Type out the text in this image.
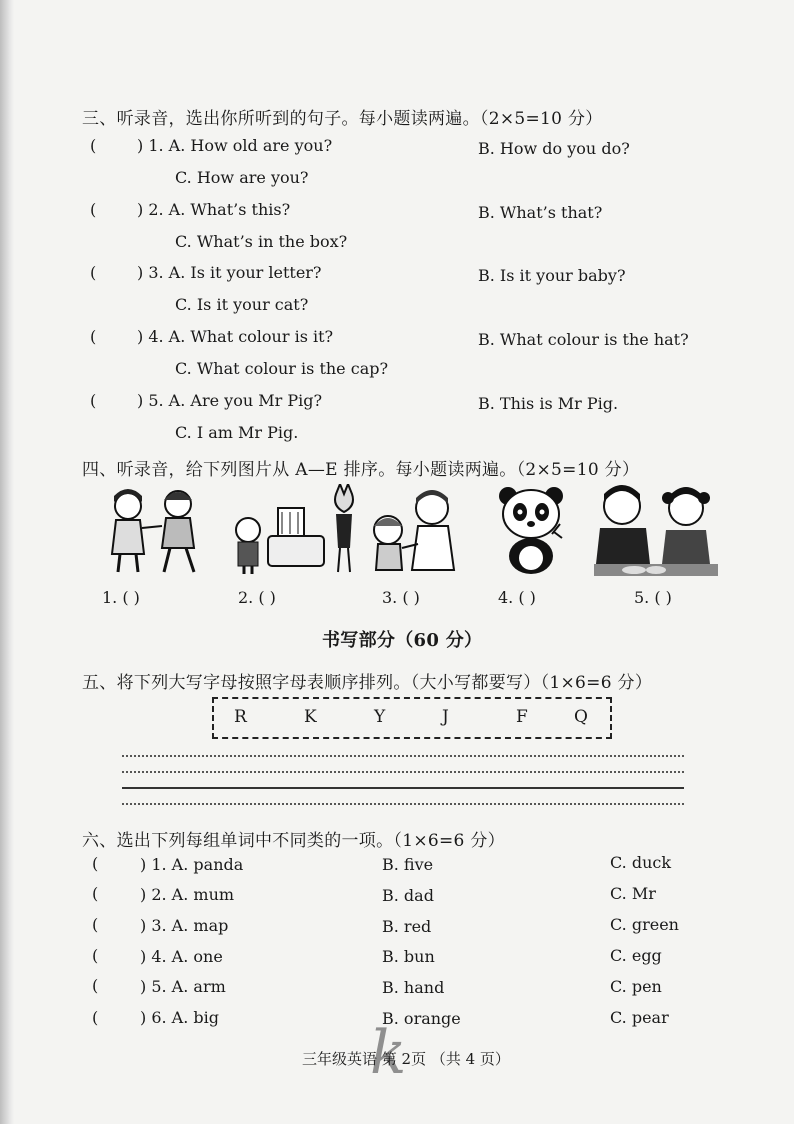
三、听录音，选出你所听到的句子。每小题读两遍。（2×5=10 分）
(	) 1. A. How old are you?	B. How do you do?
C. How are you?
(	) 2. A. What’s this?	B. What’s that?
C. What’s in the box?
(	) 3. A. Is it your letter?	B. Is it your baby?
C. Is it your cat?
(	) 4. A. What colour is it?	B. What colour is the hat?
C. What colour is the cap?
(	) 5. A. Are you Mr Pig?	B. This is Mr Pig.
C. I am Mr Pig.
四、听录音，给下列图片从 A—E 排序。每小题读两遍。（2×5=10 分）
1. ( )	2. ( )	3. ( )	4. ( )	5. ( )
书写部分（60 分）
五、将下列大写字母按照字母表顺序排列。（大小写都要写）（1×6=6 分）
R	K	Y	J	F	Q
六、选出下列每组单词中不同类的一项。（1×6=6 分）
(	) 1. A. panda	B. five	C. duck
(	) 2. A. mum	B. dad	C. Mr
(	) 3. A. map	B. red	C. green
(	) 4. A. one	B. bun	C. egg
(	) 5. A. arm	B. hand	C. pen
(	) 6. A. big	B. orange	C. pear
k
三年级英语 第 2页 （共 4 页）
